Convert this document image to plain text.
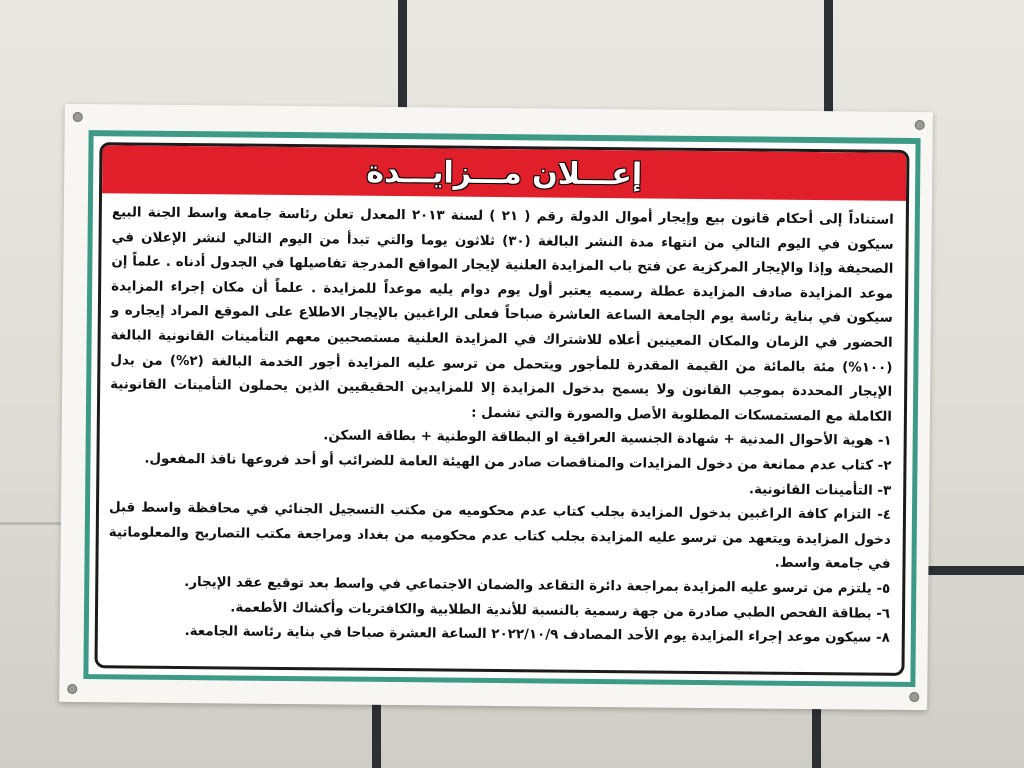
إعـــلان مـــزايـــدة

استناداً إلى أحكام قانون بيع وإيجار أموال الدولة رقم ( ٢١ ) لسنة ٢٠١٣ المعدل تعلن رئاسة جامعة واسط الجنة البيع سيكون في اليوم التالي من انتهاء مدة النشر البالغة (٣٠) ثلاثون يوما والتي تبدأ من اليوم التالي لنشر الإعلان في الصحيفة وإذا والإيجار المركزية عن فتح باب المزايدة العلنية لإيجار المواقع المدرجة تفاصيلها في الجدول أدناه . علماً إن موعد المزايدة صادف المزايدة عطلة رسميه يعتبر أول يوم دوام يليه موعداً للمزايدة . علماً أن مكان إجراء المزايدة سيكون في بناية رئاسة يوم الجامعة الساعة العاشرة صباحاً فعلى الراغبين بالإيجار الاطلاع على الموقع المراد إيجاره و الحضور في الزمان والمكان المعينين أعلاه للاشتراك في المزايدة العلنية مستصحبين معهم التأمينات القانونية البالغة (١٠٠%) مئة بالمائة من القيمة المقدرة للمأجور ويتحمل من ترسو عليه المزايدة أجور الخدمة البالغة (٢%) من بدل الإيجار المحددة بموجب القانون ولا يسمح بدخول المزايدة إلا للمزايدين الحقيقيين الذين يحملون التأمينات القانونية الكاملة مع المستمسكات المطلوبة الأصل والصورة والتي تشمل :

١- هوية الأحوال المدنية + شهادة الجنسية العراقية او البطاقة الوطنية + بطاقة السكن.

٢- كتاب عدم ممانعة من دخول المزايدات والمناقصات صادر من الهيئة العامة للضرائب أو أحد فروعها نافذ المفعول.

٣- التأمينات القانونية.

٤- التزام كافة الراغبين بدخول المزايدة بجلب كتاب عدم محكوميه من مكتب التسجيل الجنائي في محافظة واسط قبل دخول المزايدة ويتعهد من ترسو عليه المزايدة بجلب كتاب عدم محكوميه من بغداد ومراجعة مكتب التصاريح والمعلوماتية في جامعة واسط.

٥- يلتزم من ترسو عليه المزايدة بمراجعة دائرة التقاعد والضمان الاجتماعي في واسط بعد توقيع عقد الإيجار.

٦- بطاقة الفحص الطبي صادرة من جهة رسمية بالنسبة للأندية الطلابية والكافتريات وأكشاك الأطعمة.

٨- سيكون موعد إجراء المزايدة يوم الأحد المصادف ٢٠٢٢/١٠/٩ الساعة العشرة صباحا في بناية رئاسة الجامعة.
